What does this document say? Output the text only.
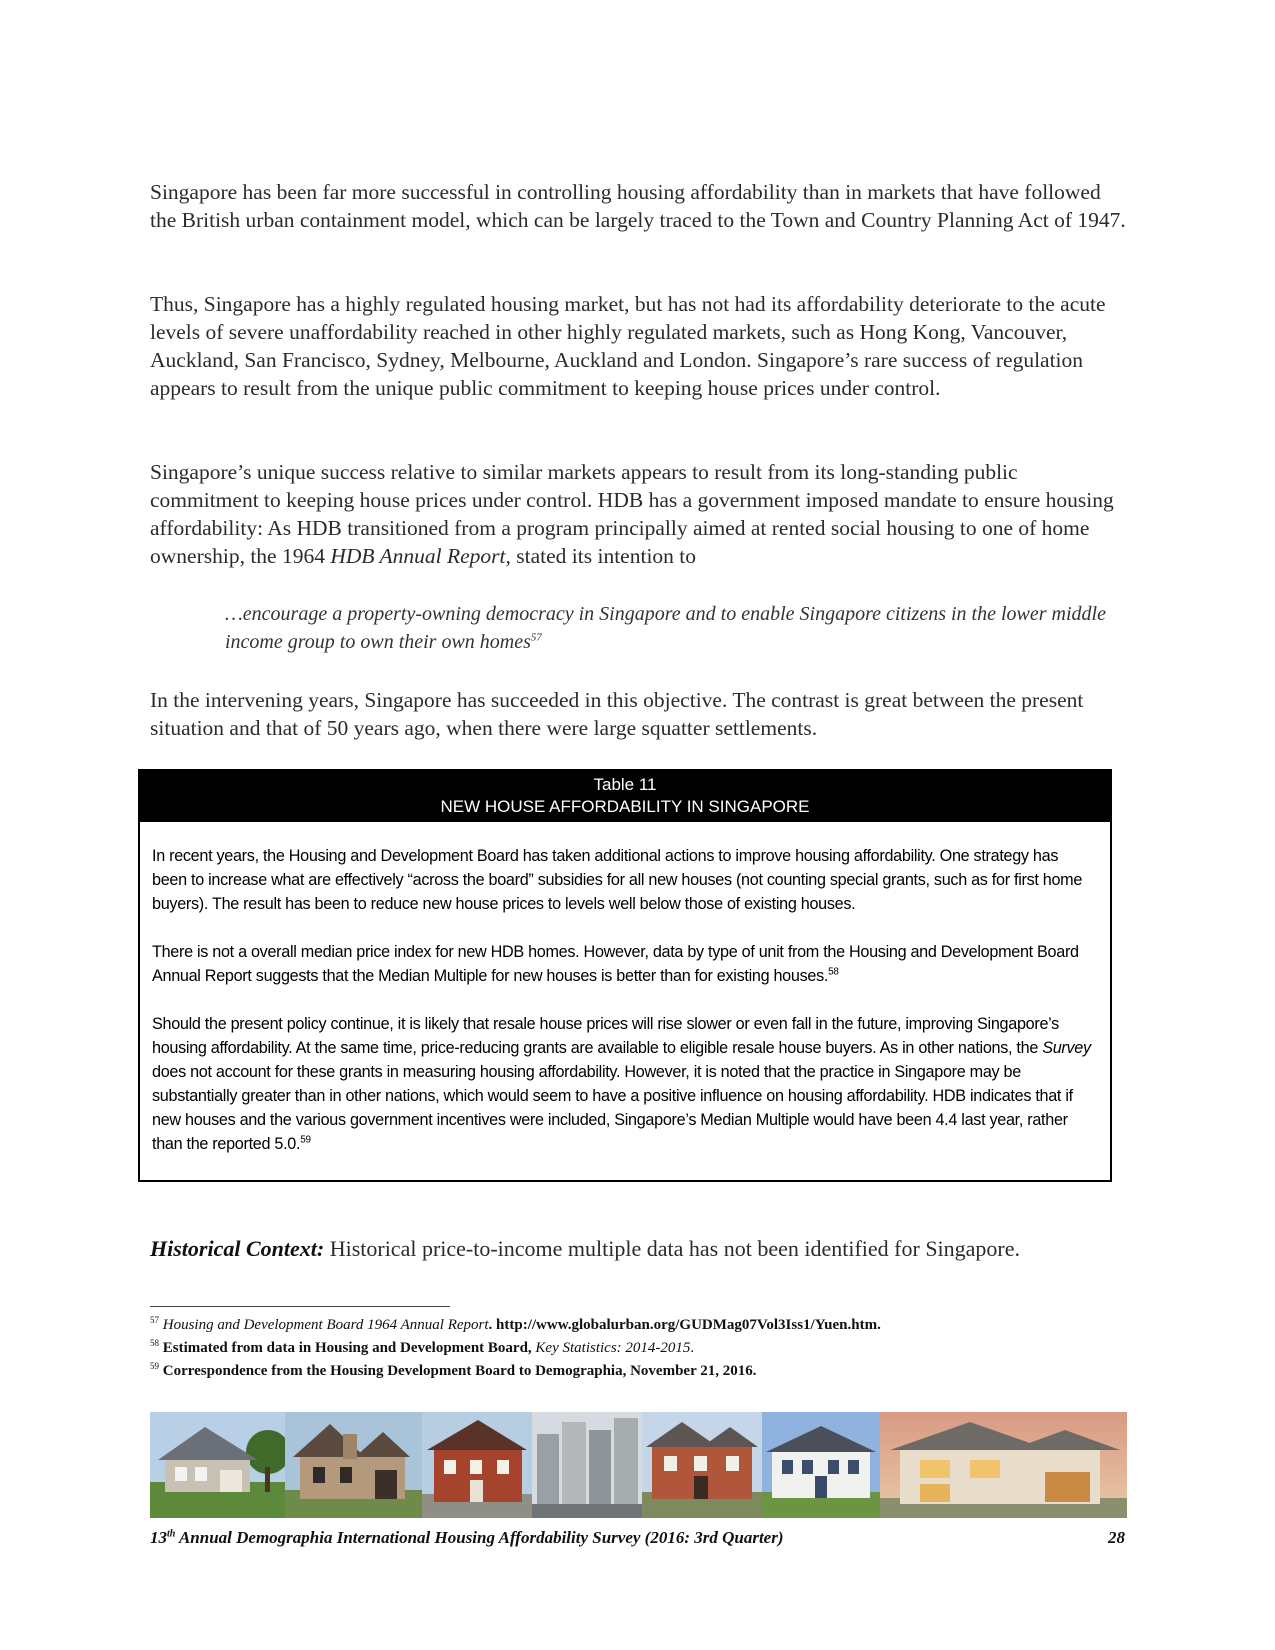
Singapore has been far more successful in controlling housing affordability than in markets that have followed the British urban containment model, which can be largely traced to the Town and Country Planning Act of 1947.

Thus, Singapore has a highly regulated housing market, but has not had its affordability deteriorate to the acute levels of severe unaffordability reached in other highly regulated markets, such as Hong Kong, Vancouver, Auckland, San Francisco, Sydney, Melbourne, Auckland and London. Singapore’s rare success of regulation appears to result from the unique public commitment to keeping house prices under control.

Singapore’s unique success relative to similar markets appears to result from its long-standing public commitment to keeping house prices under control. HDB has a government imposed mandate to ensure housing affordability: As HDB transitioned from a program principally aimed at rented social housing to one of home ownership, the 1964 HDB Annual Report, stated its intention to

…encourage a property-owning democracy in Singapore and to enable Singapore citizens in the lower middle income group to own their own homes$^{57}$

In the intervening years, Singapore has succeeded in this objective. The contrast is great between the present situation and that of 50 years ago, when there were large squatter settlements.

Table 11
NEW HOUSE AFFORDABILITY IN SINGAPORE

In recent years, the Housing and Development Board has taken additional actions to improve housing affordability. One strategy has been to increase what are effectively “across the board” subsidies for all new houses (not counting special grants, such as for first home buyers). The result has been to reduce new house prices to levels well below those of existing houses.

There is not a overall median price index for new HDB homes. However, data by type of unit from the Housing and Development Board Annual Report suggests that the Median Multiple for new houses is better than for existing houses.$^{58}$

Should the present policy continue, it is likely that resale house prices will rise slower or even fall in the future, improving Singapore’s housing affordability. At the same time, price-reducing grants are available to eligible resale house buyers. As in other nations, the Survey does not account for these grants in measuring housing affordability. However, it is noted that the practice in Singapore may be substantially greater than in other nations, which would seem to have a positive influence on housing affordability. HDB indicates that if new houses and the various government incentives were included, Singapore’s Median Multiple would have been 4.4 last year, rather than the reported 5.0.59

Historical Context: Historical price-to-income multiple data has not been identified for Singapore.

$^{57}$ Housing and Development Board 1964 Annual Report. http://www.globalurban.org/GUDMag07Vol3Iss1/Yuen.htm.

$^{58}$ Estimated from data in Housing and Development Board, Key Statistics: 2014-2015.

$^{59}$ Correspondence from the Housing Development Board to Demographia, November 21, 2016.

13th Annual Demographia International Housing Affordability Survey (2016: 3rd Quarter)	28
